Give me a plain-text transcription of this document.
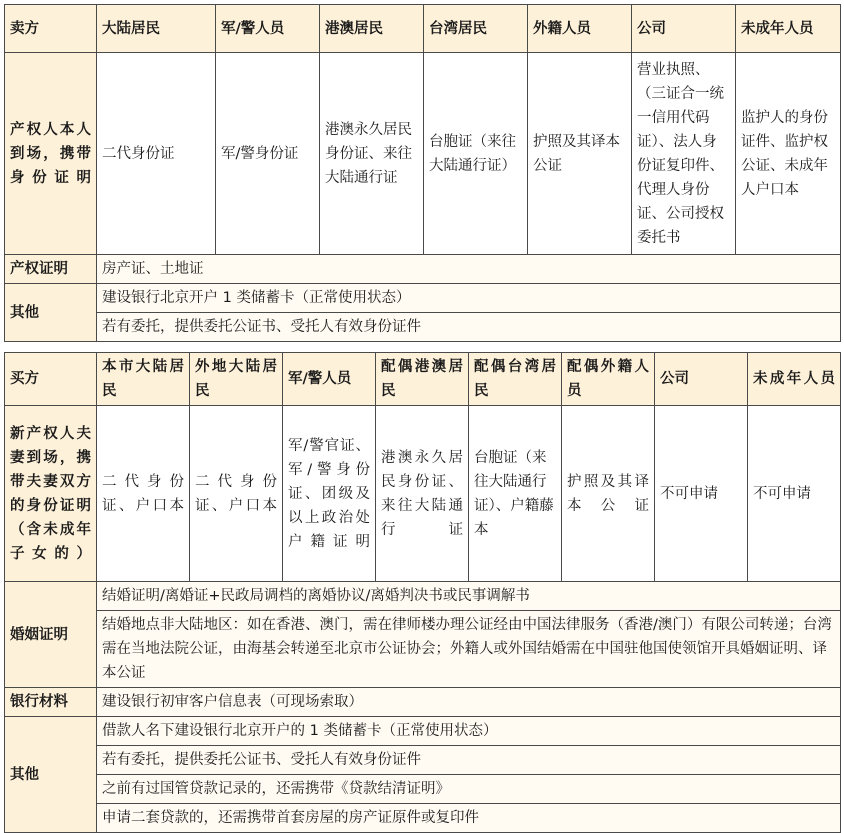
卖方	大陆居民	军/警人员	港澳居民	台湾居民	外籍人员	公司	未成年人员
产权人本人到场，携带身份证明	二代身份证	军/警身份证	港澳永久居民身份证、来往大陆通行证	台胞证（来往大陆通行证）	护照及其译本公证	营业执照、（三证合一统一信用代码证）、法人身份证复印件、代理人身份证、公司授权委托书	监护人的身份证件、监护权公证、未成年人户口本
产权证明	房产证、土地证						
其他	建设银行北京开户 1 类储蓄卡（正常使用状态）						
	若有委托，提供委托公证书、受托人有效身份证件						
买方	本市大陆居民	外地大陆居民	军/警人员	配偶港澳居民	配偶台湾居民	配偶外籍人员	公司	未成年人员
新产权人夫妻到场，携带夫妻双方的身份证明（含未成年子女的）	二代身份证、户口本	二代身份证、户口本	军/警官证、军/警身份证、团级及以上政治处户籍证明	港澳永久居民身份证、来往大陆通行证	台胞证（来往大陆通行证）、户籍藤本	护照及其译本公证	不可申请	不可申请
婚姻证明	结婚证明/离婚证+民政局调档的离婚协议/离婚判决书或民事调解书							
	结婚地点非大陆地区：如在香港、澳门，需在律师楼办理公证经由中国法律服务（香港/澳门）有限公司转递；台湾需在当地法院公证，由海基会转递至北京市公证协会；外籍人或外国结婚需在中国驻他国使领馆开具婚姻证明、译本公证							
银行材料	建设银行初审客户信息表（可现场索取）							
其他	借款人名下建设银行北京开户的 1 类储蓄卡（正常使用状态）							
	若有委托，提供委托公证书、受托人有效身份证件							
	之前有过国管贷款记录的，还需携带《贷款结清证明》							
	申请二套贷款的，还需携带首套房屋的房产证原件或复印件							
